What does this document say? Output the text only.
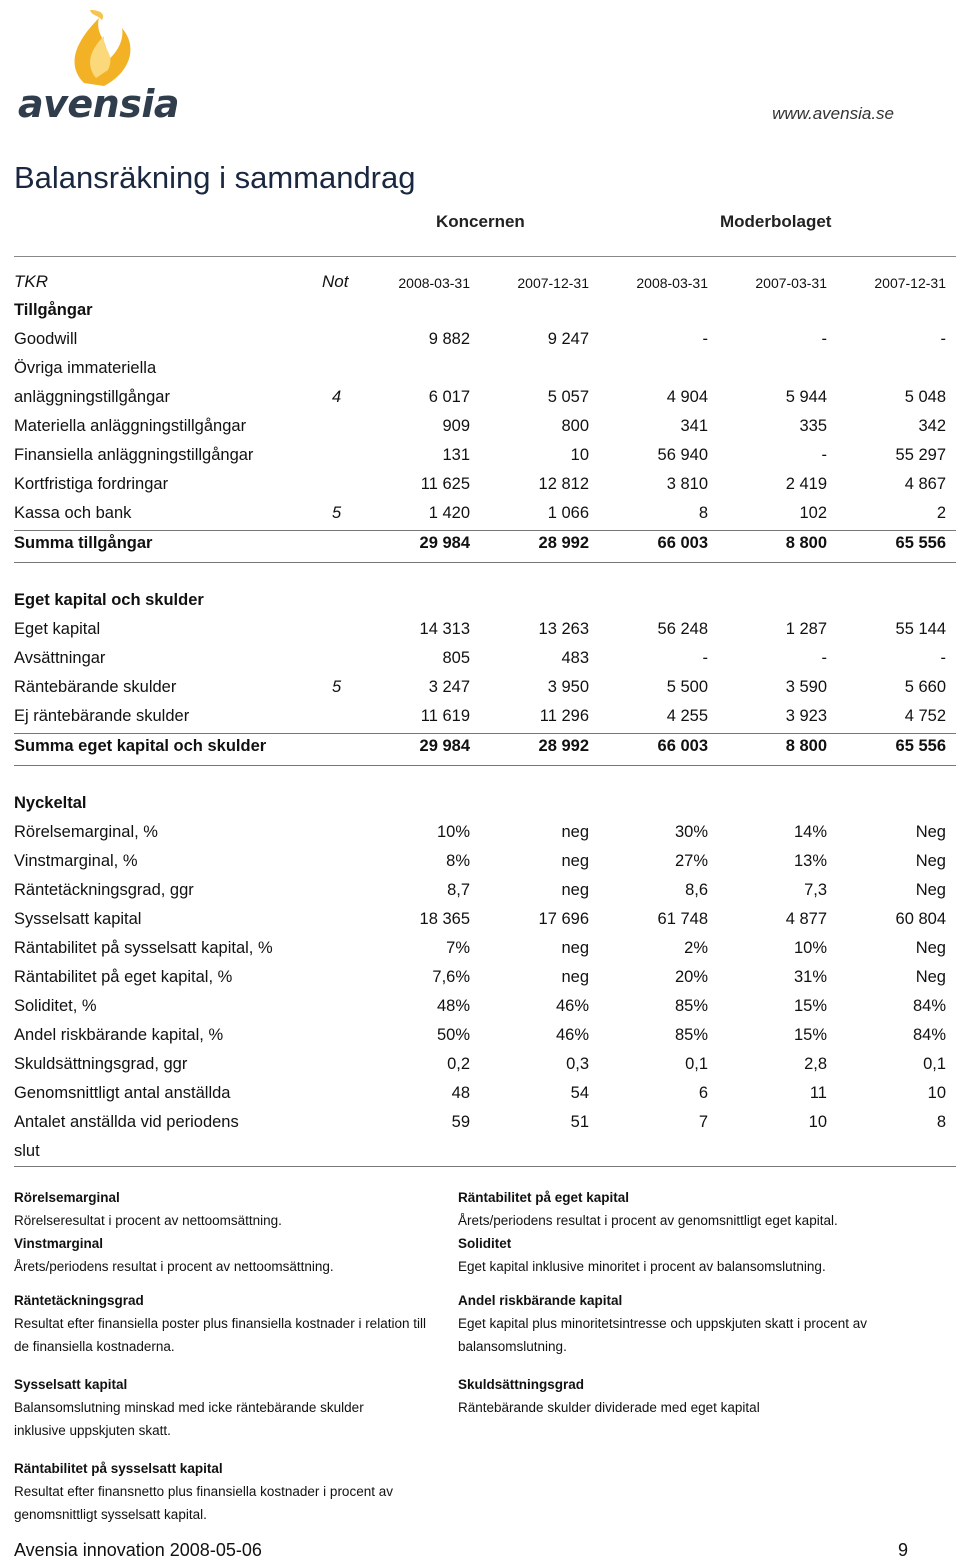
avensia	www.avensia.se
Balansräkning i sammandrag
Koncernen	Moderbolaget
TKR	Not	2008-03-31	2007-12-31	2008-03-31	2007-03-31	2007-12-31
Tillgångar
Goodwill	9 882	9 247	-	-	-
Övriga immateriella
anläggningstillgångar	4	6 017	5 057	4 904	5 944	5 048
Materiella anläggningstillgångar	909	800	341	335	342
Finansiella anläggningstillgångar	131	10	56 940	-	55 297
Kortfristiga fordringar	11 625	12 812	3 810	2 419	4 867
Kassa och bank	5	1 420	1 066	8	102	2
Summa tillgångar	29 984	28 992	66 003	8 800	65 556
Eget kapital och skulder
Eget kapital	14 313	13 263	56 248	1 287	55 144
Avsättningar	805	483	-	-	-
Räntebärande skulder	5	3 247	3 950	5 500	3 590	5 660
Ej räntebärande skulder	11 619	11 296	4 255	3 923	4 752
Summa eget kapital och skulder	29 984	28 992	66 003	8 800	65 556
Nyckeltal
Rörelsemarginal, %	10%	neg	30%	14%	Neg
Vinstmarginal, %	8%	neg	27%	13%	Neg
Räntetäckningsgrad, ggr	8,7	neg	8,6	7,3	Neg
Sysselsatt kapital	18 365	17 696	61 748	4 877	60 804
Räntabilitet på sysselsatt kapital, %	7%	neg	2%	10%	Neg
Räntabilitet på eget kapital, %	7,6%	neg	20%	31%	Neg
Soliditet, %	48%	46%	85%	15%	84%
Andel riskbärande kapital, %	50%	46%	85%	15%	84%
Skuldsättningsgrad, ggr	0,2	0,3	0,1	2,8	0,1
Genomsnittligt antal anställda	48	54	6	11	10
Antalet anställda vid periodens	59	51	7	10	8
slut
Rörelsemarginal
Rörelseresultat i procent av nettoomsättning.
Vinstmarginal
Årets/periodens resultat i procent av nettoomsättning.
Räntetäckningsgrad
Resultat efter finansiella poster plus finansiella kostnader i relation till de finansiella kostnaderna.
Sysselsatt kapital
Balansomslutning minskad med icke räntebärande skulder inklusive uppskjuten skatt.
Räntabilitet på sysselsatt kapital
Resultat efter finansnetto plus finansiella kostnader i procent av genomsnittligt sysselsatt kapital.
Räntabilitet på eget kapital
Årets/periodens resultat i procent av genomsnittligt eget kapital.
Soliditet
Eget kapital inklusive minoritet i procent av balansomslutning.
Andel riskbärande kapital
Eget kapital plus minoritetsintresse och uppskjuten skatt i procent av balansomslutning.
Skuldsättningsgrad
Räntebärande skulder dividerade med eget kapital
Avensia innovation 2008-05-06	9
